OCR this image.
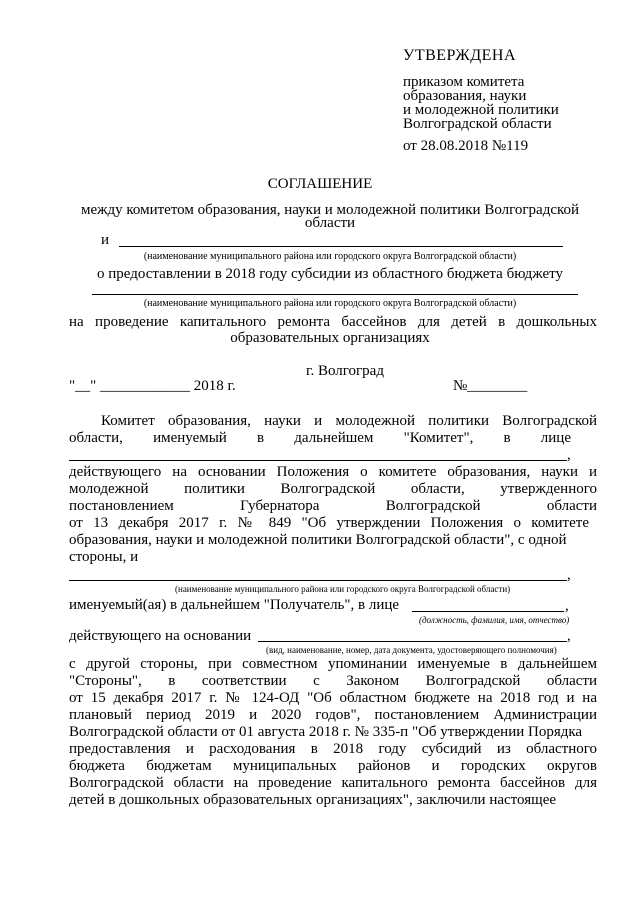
УТВЕРЖДЕНА
приказом комитета
образования, науки
и молодежной политики
Волгоградской области
от 28.08.2018 №119
СОГЛАШЕНИЕ
между комитетом образования, науки и молодежной политики Волгоградской
области
и
(наименование муниципального района или городского округа Волгоградской области)
о предоставлении в 2018 году субсидии из областного бюджета бюджету
(наименование муниципального района или городского округа Волгоградской области)
на проведение капитального ремонта бассейнов для детей в дошкольных
образовательных организациях
г. Волгоград
"__" ____________ 2018 г.	№________
Комитет образования, науки и молодежной политики Волгоградской
области, именуемый в дальнейшем "Комитет", в лице
,
действующего на основании Положения о комитете образования, науки и
молодежной политики Волгоградской области, утвержденного
постановлением Губернатора Волгоградской области
от 13 декабря 2017 г. № 849 "Об утверждении Положения о комитете
образования, науки и молодежной политики Волгоградской области", с одной
стороны, и
,
(наименование муниципального района или городского округа Волгоградской области)
именуемый(ая) в дальнейшем "Получатель", в лице	,
(должность, фамилия, имя, отчество)
действующего на основании	,
(вид, наименование, номер, дата документа, удостоверяющего полномочия)
с другой стороны, при совместном упоминании именуемые в дальнейшем
"Стороны", в соответствии с Законом Волгоградской области
от 15 декабря 2017 г. № 124-ОД "Об областном бюджете на 2018 год и на
плановый период 2019 и 2020 годов", постановлением Администрации
Волгоградской области от 01 августа 2018 г. № 335-п "Об утверждении Порядка
предоставления и расходования в 2018 году субсидий из областного
бюджета бюджетам муниципальных районов и городских округов
Волгоградской области на проведение капитального ремонта бассейнов для
детей в дошкольных образовательных организациях", заключили настоящее
